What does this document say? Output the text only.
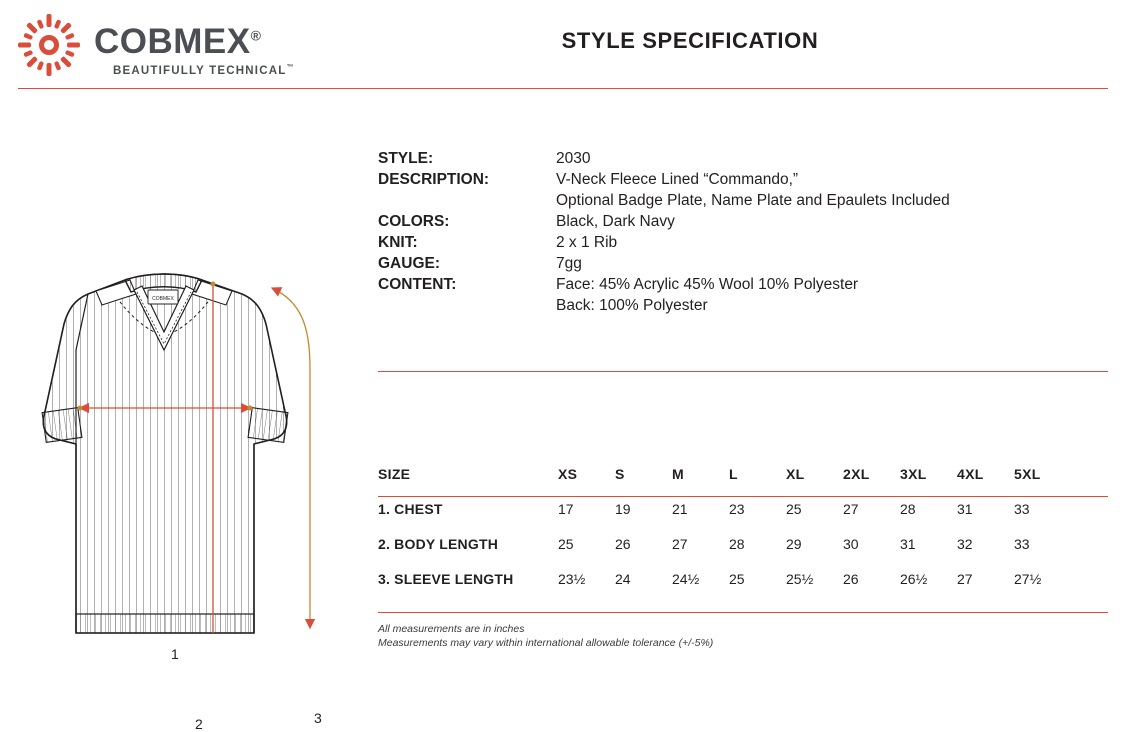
COBMEX®
BEAUTIFULLY TECHNICAL™
STYLE SPECIFICATION
STYLE:	2030
DESCRIPTION:	V-Neck Fleece Lined “Commando,”
Optional Badge Plate, Name Plate and Epaulets Included
COLORS:	Black, Dark Navy
KNIT:	2 x 1 Rib
GAUGE:	7gg
CONTENT:	Face: 45% Acrylic 45% Wool 10% Polyester
Back: 100% Polyester
SIZE	XS	S	M	L	XL	2XL	3XL	4XL	5XL
1. CHEST	17	19	21	23	25	27	28	31	33
2. BODY LENGTH	25	26	27	28	29	30	31	32	33
3. SLEEVE LENGTH	23½	24	24½	25	25½	26	26½	27	27½
All measurements are in inches
Measurements may vary within international allowable tolerance (+/-5%)
COBMEX
1
2	3
